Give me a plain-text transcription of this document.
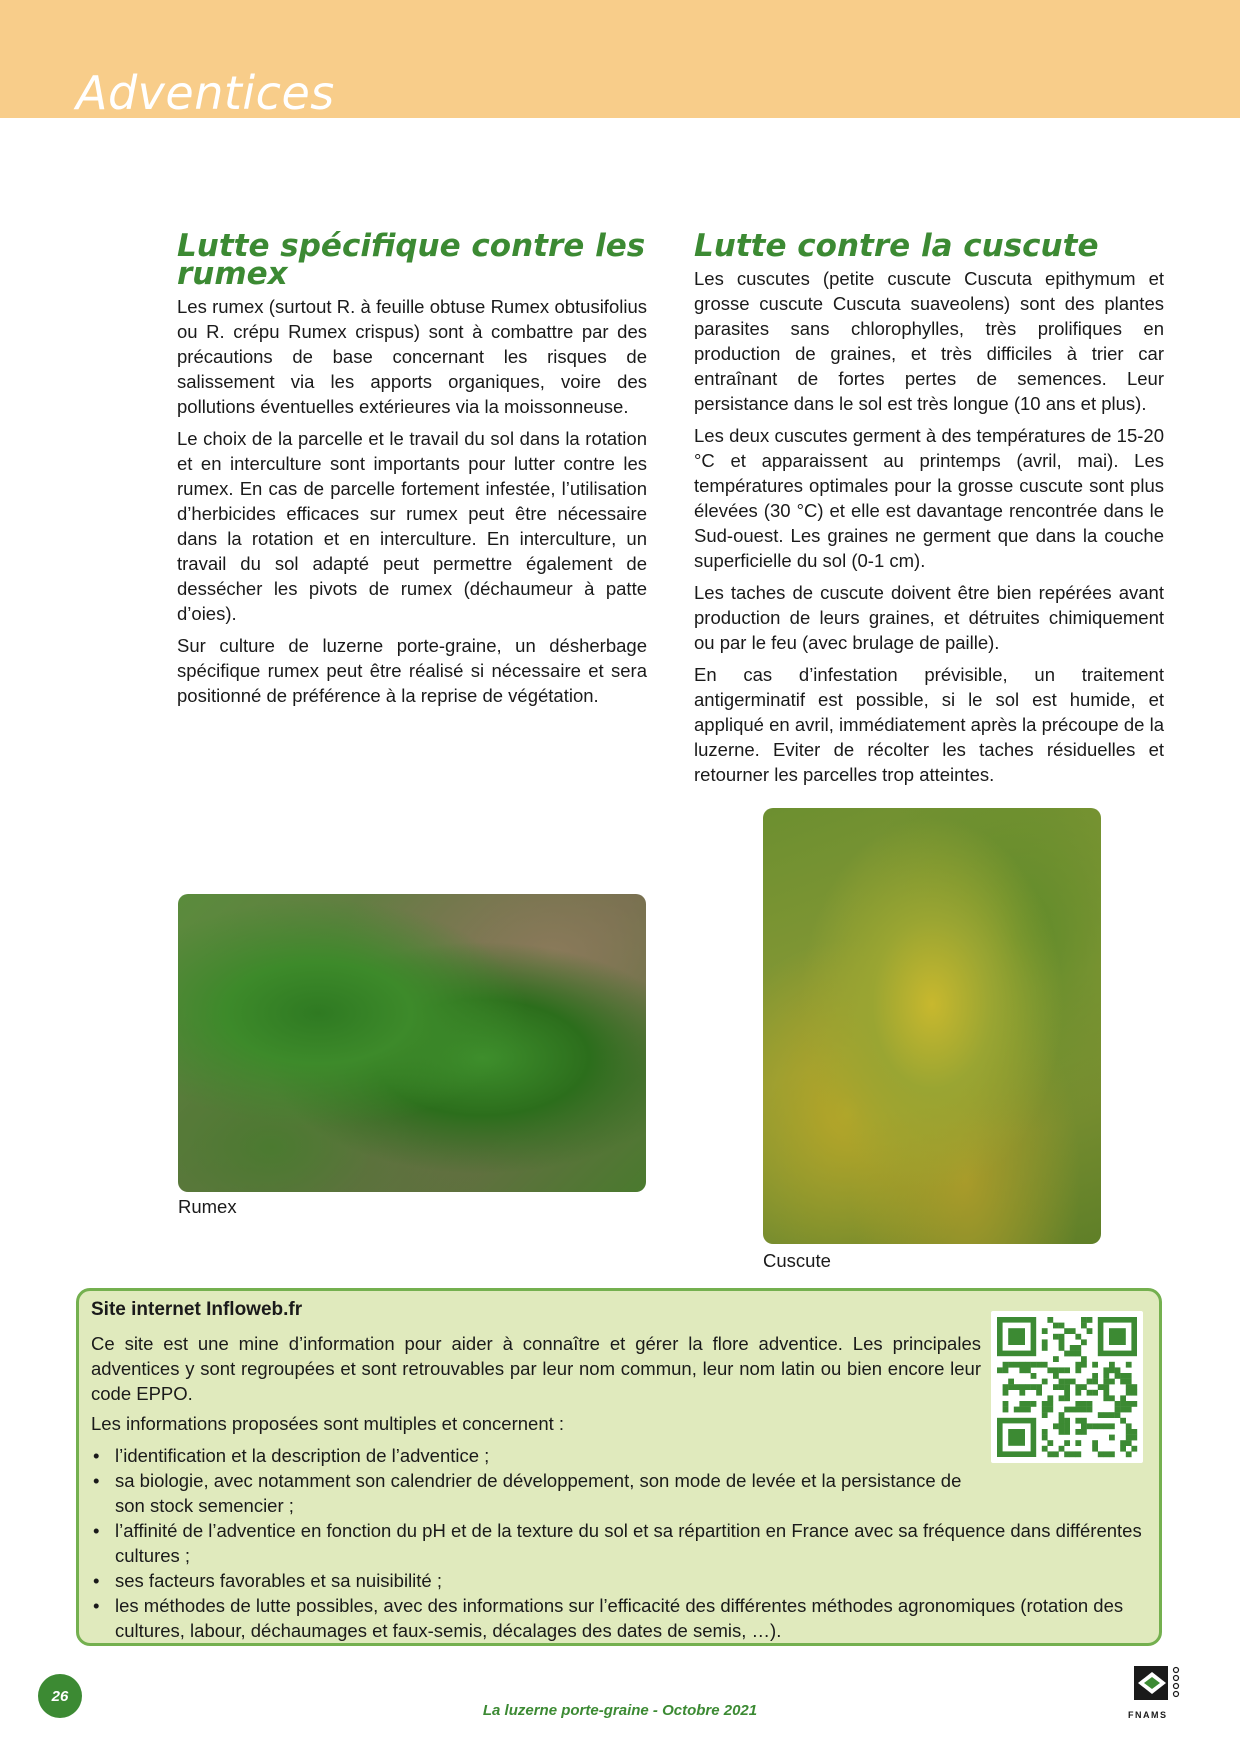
Adventices
Lutte spécifique contre les rumex

Les rumex (surtout R. à feuille obtuse Rumex obtusifolius ou R. crépu Rumex crispus) sont à combattre par des précautions de base concernant les risques de salissement via les apports organiques, voire des pollutions éventuelles extérieures via la moissonneuse.

Le choix de la parcelle et le travail du sol dans la rotation et en interculture sont importants pour lutter contre les rumex. En cas de parcelle fortement infestée, l’utilisation d’herbicides efficaces sur rumex peut être nécessaire dans la rotation et en interculture. En interculture, un travail du sol adapté peut permettre également de dessécher les pivots de rumex (déchaumeur à patte d’oies).

Sur culture de luzerne porte-graine, un désherbage spécifique rumex peut être réalisé si nécessaire et sera positionné de préférence à la reprise de végétation.

Lutte contre la cuscute

Les cuscutes (petite cuscute Cuscuta epithymum et grosse cuscute Cuscuta suaveolens) sont des plantes parasites sans chlorophylles, très prolifiques en production de graines, et très difficiles à trier car entraînant de fortes pertes de semences. Leur persistance dans le sol est très longue (10 ans et plus).

Les deux cuscutes germent à des températures de 15-20 °C et apparaissent au printemps (avril, mai). Les températures optimales pour la grosse cuscute sont plus élevées (30 °C) et elle est davantage rencontrée dans le Sud-ouest. Les graines ne germent que dans la couche superficielle du sol (0-1 cm).

Les taches de cuscute doivent être bien repérées avant production de leurs graines, et détruites chimiquement ou par le feu (avec brulage de paille).

En cas d’infestation prévisible, un traitement antigerminatif est possible, si le sol est humide, et appliqué en avril, immédiatement après la précoupe de la luzerne. Eviter de récolter les taches résiduelles et retourner les parcelles trop atteintes.

Rumex
Cuscute
Site internet Infloweb.fr
Ce site est une mine d’information pour aider à connaître et gérer la flore adventice. Les principales adventices y sont regroupées et sont retrouvables par leur nom commun, leur nom latin ou bien encore leur code EPPO.
Les informations proposées sont multiples et concernent :
• l’identification et la description de l’adventice ;
• sa biologie, avec notamment son calendrier de développement, son mode de levée et la persistance de son stock semencier ;
• l’affinité de l’adventice en fonction du pH et de la texture du sol et sa répartition en France avec sa fréquence dans différentes cultures ;
• ses facteurs favorables et sa nuisibilité ;
• les méthodes de lutte possibles, avec des informations sur l’efficacité des différentes méthodes agronomiques (rotation des cultures, labour, déchaumages et faux-semis, décalages des dates de semis, …).
26
La luzerne porte-graine - Octobre 2021	FNAMS
